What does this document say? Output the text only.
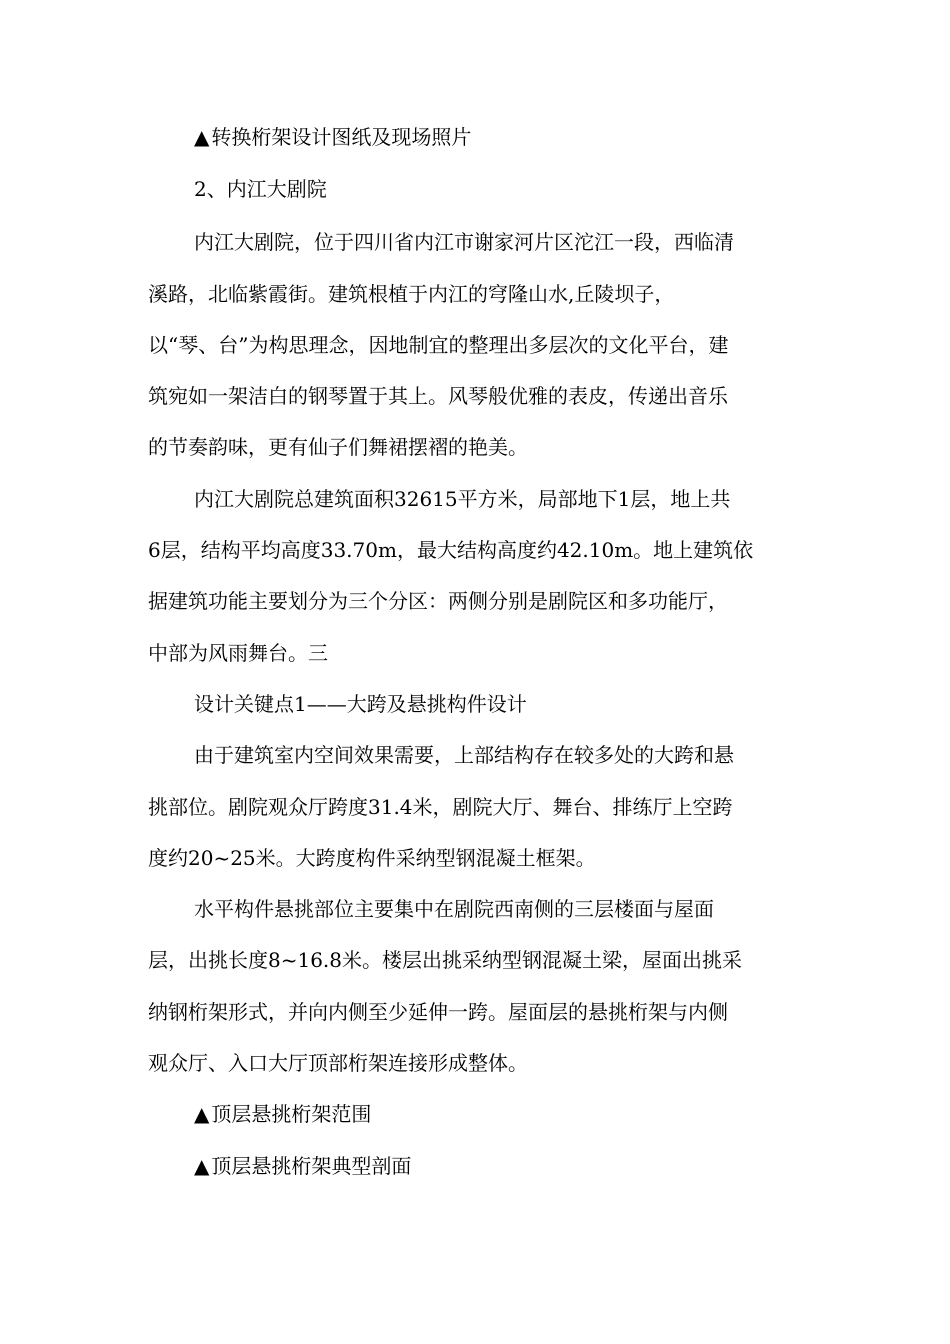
▲ 转换桁架设计图纸及现场照片
2、内江大剧院
内江大剧院，位于四川省内江市谢家河片区沱江一段，西临清
溪路，北临紫霞街。建筑根植于内江的穹隆山水,丘陵坝子，
以“琴、台”为构思理念，因地制宜的整理出多层次的文化平台，建
筑宛如一架洁白的钢琴置于其上。风琴般优雅的表皮，传递出音乐
的节奏韵味，更有仙子们舞裙摆褶的艳美。
内江大剧院总建筑面积32615平方米，局部地下1层，地上共
6层，结构平均高度33.70m，最大结构高度约42.10m。地上建筑依
据建筑功能主要划分为三个分区：两侧分别是剧院区和多功能厅，
中部为风雨舞台。三
设计关键点1——大跨及悬挑构件设计
由于建筑室内空间效果需要，上部结构存在较多处的大跨和悬
挑部位。剧院观众厅跨度31.4米，剧院大厅、舞台、排练厅上空跨
度约20~25米。大跨度构件采纳型钢混凝土框架。
水平构件悬挑部位主要集中在剧院西南侧的三层楼面与屋面
层，出挑长度8~16.8米。楼层出挑采纳型钢混凝土梁，屋面出挑采
纳钢桁架形式，并向内侧至少延伸一跨。屋面层的悬挑桁架与内侧
观众厅、入口大厅顶部桁架连接形成整体。
▲ 顶层悬挑桁架范围
▲ 顶层悬挑桁架典型剖面
